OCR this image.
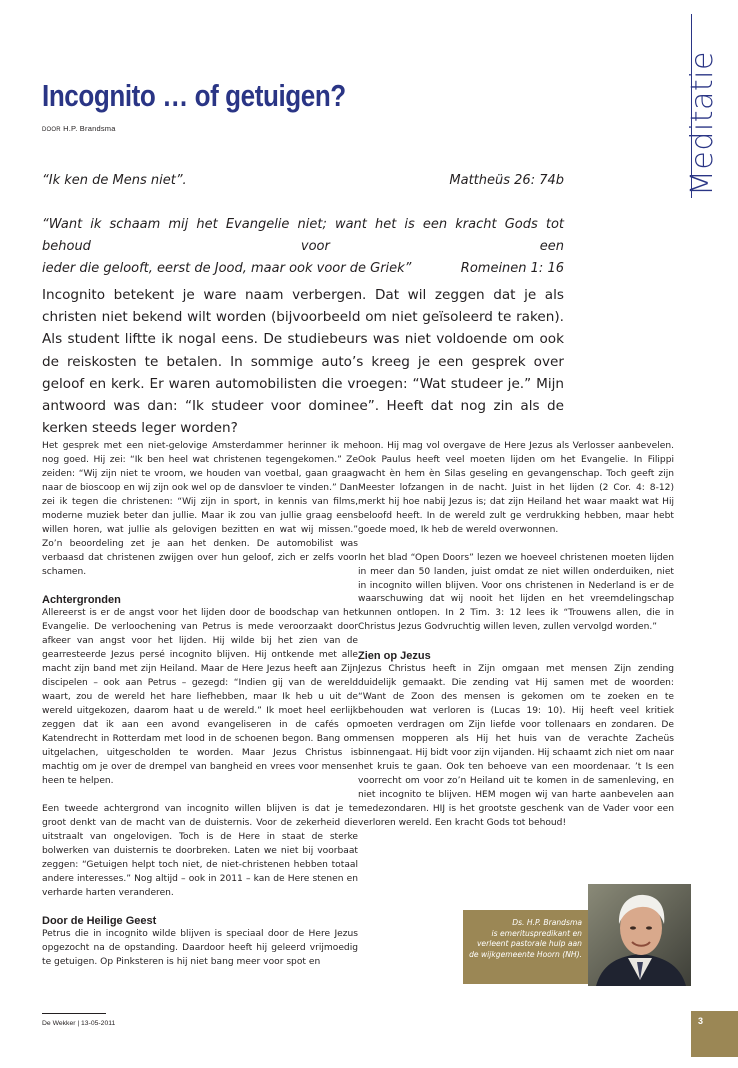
Meditatie
Incognito … of getuigen?
DOOR H.P. Brandsma
“Ik ken de Mens niet”.	Mattheüs 26: 74b
“Want ik schaam mij het Evangelie niet; want het is een kracht Gods tot behoud voor een
ieder die gelooft, eerst de Jood, maar ook voor de Griek”	Romeinen 1: 16

Incognito betekent je ware naam verbergen. Dat wil zeggen dat je als christen niet bekend wilt worden (bijvoorbeeld om niet geïsoleerd te raken). Als student liftte ik nogal eens. De studiebeurs was niet voldoende om ook de reiskosten te betalen. In sommige auto’s kreeg je een gesprek over geloof en kerk. Er waren automobilisten die vroegen: “Wat studeer je.” Mijn antwoord was dan: “Ik studeer voor dominee”. Heeft dat nog zin als de kerken steeds leger worden?

Het gesprek met een niet-gelovige Amsterdammer herinner ik me nog goed. Hij zei: “Ik ben heel wat christenen tegengekomen.” Ze zeiden: “Wij zijn niet te vroom, we houden van voetbal, gaan graag naar de bioscoop en wij zijn ook wel op de dansvloer te vinden.” Dan zei ik tegen die christenen: “Wij zijn in sport, in kennis van films, moderne muziek beter dan jullie. Maar ik zou van jullie graag eens willen horen, wat jullie als gelovigen bezitten en wat wij missen.” Zo’n beoordeling zet je aan het denken. De automobilist was verbaasd dat christenen zwijgen over hun geloof, zich er zelfs voor schamen.

Achtergronden

Allereerst is er de angst voor het lijden door de boodschap van het Evangelie. De verloochening van Petrus is mede veroorzaakt door afkeer van angst voor het lijden. Hij wilde bij het zien van de gearresteerde Jezus persé incognito blijven. Hij ontkende met alle macht zijn band met zijn Heiland. Maar de Here Jezus heeft aan Zijn discipelen – ook aan Petrus – gezegd: “Indien gij van de wereld waart, zou de wereld het hare liefhebben, maar Ik heb u uit de wereld uitgekozen, daarom haat u de wereld.” Ik moet heel eerlijk zeggen dat ik aan een avond evangeliseren in de cafés op Katendrecht in Rotterdam met lood in de schoenen begon. Bang om uitgelachen, uitgescholden te worden. Maar Jezus Christus is machtig om je over de drempel van bangheid en vrees voor mensen heen te helpen.

Een tweede achtergrond van incognito willen blijven is dat je te groot denkt van de macht van de duisternis. Voor de zekerheid die uitstraalt van ongelovigen. Toch is de Here in staat de sterke bolwerken van duisternis te doorbreken. Laten we niet bij voorbaat zeggen: “Getuigen helpt toch niet, de niet-christenen hebben totaal andere interesses.” Nog altijd – ook in 2011 – kan de Here stenen en verharde harten veranderen.

Door de Heilige Geest

Petrus die in incognito wilde blijven is speciaal door de Here Jezus opgezocht na de opstanding. Daardoor heeft hij geleerd vrijmoedig te getuigen. Op Pinksteren is hij niet bang meer voor spot en

hoon. Hij mag vol overgave de Here Jezus als Verlosser aanbevelen. Ook Paulus heeft veel moeten lijden om het Evangelie. In Filippi wacht èn hem èn Silas geseling en gevangenschap. Toch geeft zijn Meester lofzangen in de nacht. Juist in het lijden (2 Cor. 4: 8-12) merkt hij hoe nabij Jezus is; dat zijn Heiland het waar maakt wat Hij beloofd heeft. In de wereld zult ge verdrukking hebben, maar hebt goede moed, Ik heb de wereld overwonnen.

In het blad “Open Doors” lezen we hoeveel christenen moeten lijden in meer dan 50 landen, juist omdat ze niet willen onderduiken, niet in incognito willen blijven. Voor ons christenen in Nederland is er de waarschuwing dat wij nooit het lijden en het vreemdelingschap kunnen ontlopen. In 2 Tim. 3: 12 lees ik “Trouwens allen, die in Christus Jezus Godvruchtig willen leven, zullen vervolgd worden.”

Zien op Jezus

Jezus Christus heeft in Zijn omgaan met mensen Zijn zending duidelijk gemaakt. Die zending vat Hij samen met de woorden: “Want de Zoon des mensen is gekomen om te zoeken en te behouden wat verloren is (Lucas 19: 10). Hij heeft veel kritiek moeten verdragen om Zijn liefde voor tollenaars en zondaren. De mensen mopperen als Hij het huis van de verachte Zacheüs binnengaat. Hij bidt voor zijn vijanden. Hij schaamt zich niet om naar het kruis te gaan. Ook ten behoeve van een moordenaar. ’t Is een voorrecht om voor zo’n Heiland uit te komen in de samenleving, en niet incognito te blijven. HEM mogen wij van harte aanbevelen aan medezondaren. HIJ is het grootste geschenk van de Vader voor een verloren wereld. Een kracht Gods tot behoud!

Ds. H.P. Brandsma
is emerituspredikant en
verleent pastorale hulp aan
de wijkgemeente Hoorn (NH).
De Wekker | 13-05-2011	3
